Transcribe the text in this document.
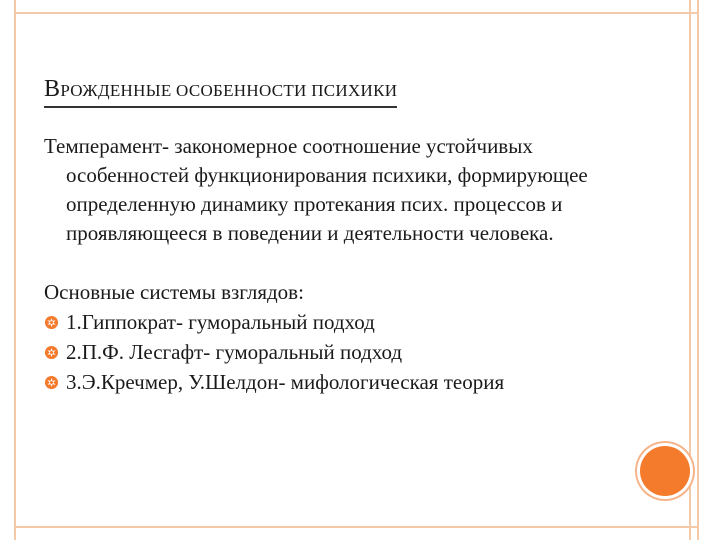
ВРОЖДЕННЫЕ ОСОБЕННОСТИ ПСИХИКИ

Темперамент- закономерное соотношение устойчивых особенностей функционирования психики, формирующее определенную динамику протекания псих. процессов и проявляющееся в поведении и деятельности человека.

Основные системы взглядов:

1.Гиппократ- гуморальный подход
2.П.Ф. Лесгафт- гуморальный подход
3.Э.Кречмер, У.Шелдон- мифологическая теория
